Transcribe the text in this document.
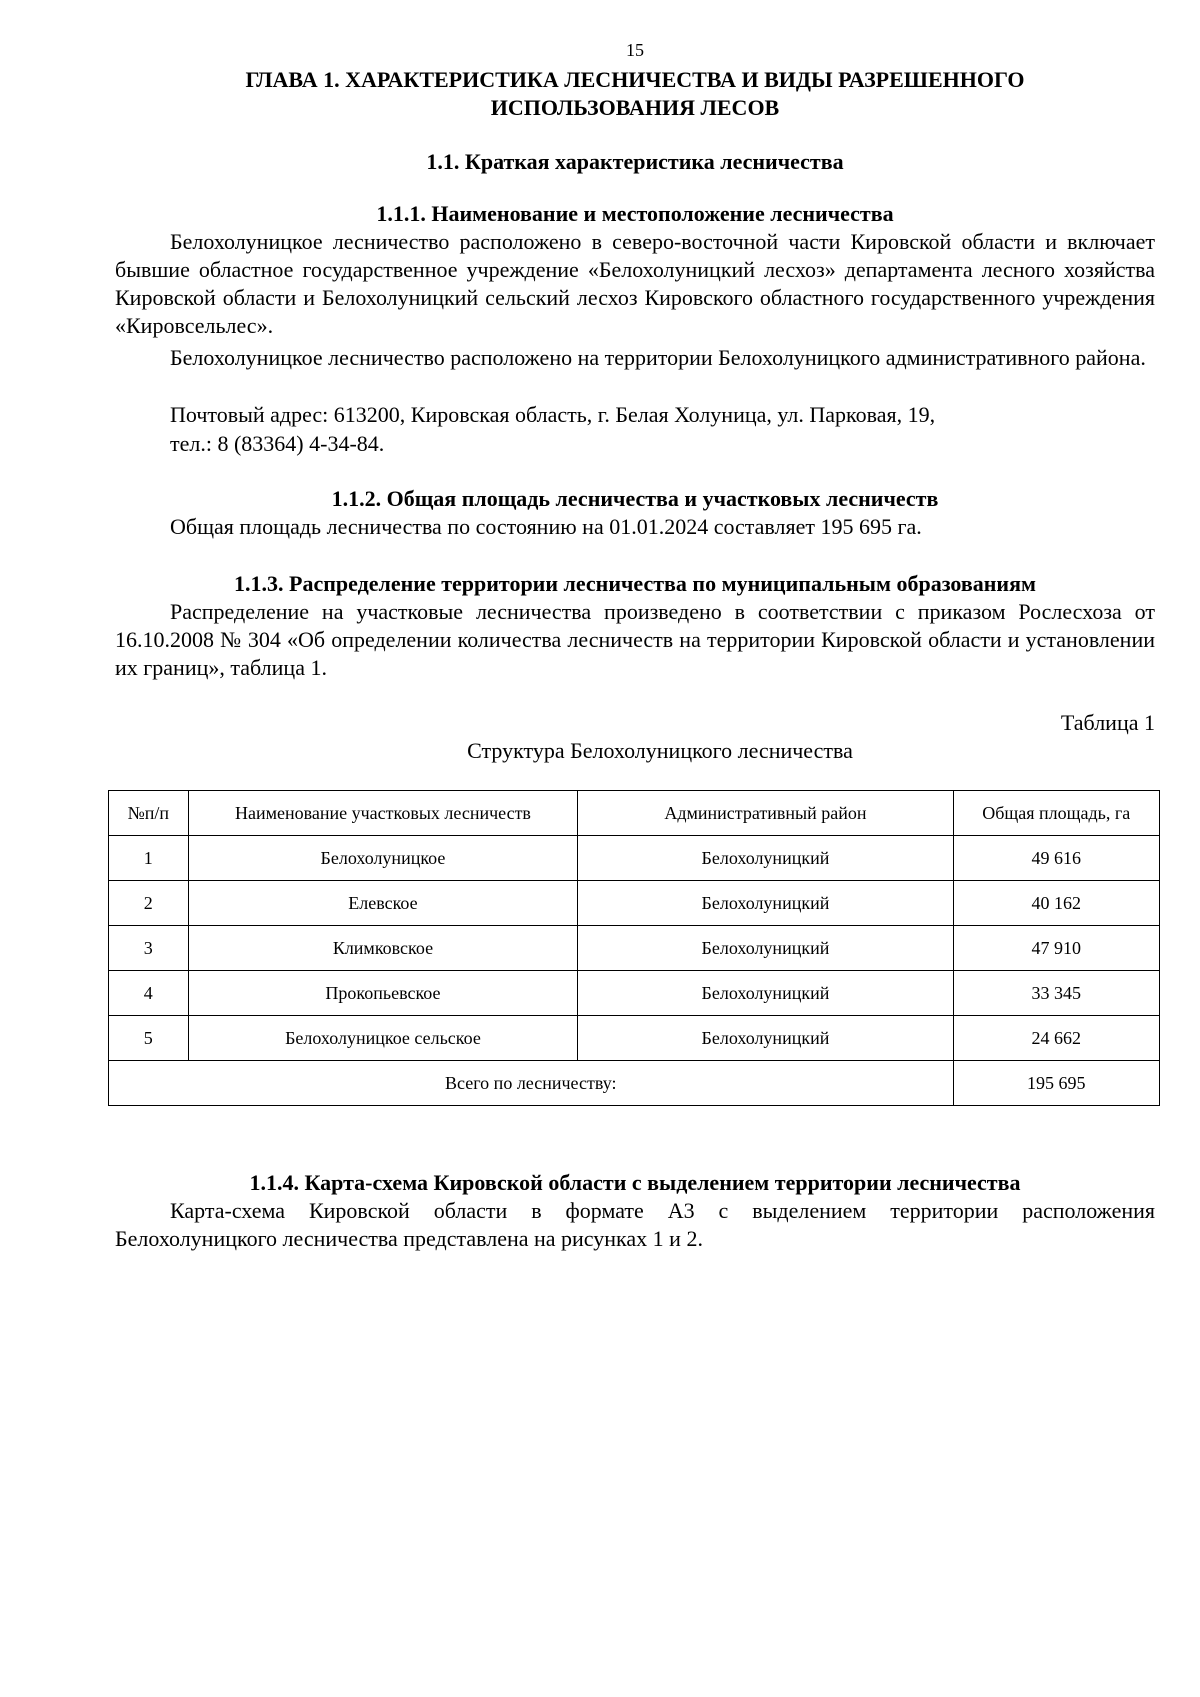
15
ГЛАВА 1. ХАРАКТЕРИСТИКА ЛЕСНИЧЕСТВА И ВИДЫ РАЗРЕШЕННОГО ИСПОЛЬЗОВАНИЯ ЛЕСОВ
1.1. Краткая характеристика лесничества
1.1.1. Наименование и местоположение лесничества
Белохолуницкое лесничество расположено в северо-восточной части Кировской области и включает бывшие областное государственное учреждение «Белохолуницкий лесхоз» департамента лесного хозяйства Кировской области и Белохолуницкий сельский лесхоз Кировского областного государственного учреждения «Кировсельлес».
Белохолуницкое лесничество расположено на территории Белохолуницкого административного района.
Почтовый адрес: 613200, Кировская область, г. Белая Холуница, ул. Парковая, 19,
тел.: 8 (83364) 4-34-84.
1.1.2. Общая площадь лесничества и участковых лесничеств
Общая площадь лесничества по состоянию на 01.01.2024 составляет 195 695 га.
1.1.3. Распределение территории лесничества по муниципальным образованиям
Распределение на участковые лесничества произведено в соответствии с приказом Рослесхоза от 16.10.2008 № 304 «Об определении количества лесничеств на территории Кировской области и установлении их границ», таблица 1.
Таблица 1
Структура Белохолуницкого лесничества
№п/п	Наименование участковых лесничеств	Административный район	Общая площадь, га
1	Белохолуницкое	Белохолуницкий	49 616
2	Елевское	Белохолуницкий	40 162
3	Климковское	Белохолуницкий	47 910
4	Прокопьевское	Белохолуницкий	33 345
5	Белохолуницкое сельское	Белохолуницкий	24 662
Всего по лесничеству:			195 695
1.1.4. Карта-схема Кировской области с выделением территории лесничества
Карта-схема Кировской области в формате А3 с выделением территории расположения Белохолуницкого лесничества представлена на рисунках 1 и 2.
